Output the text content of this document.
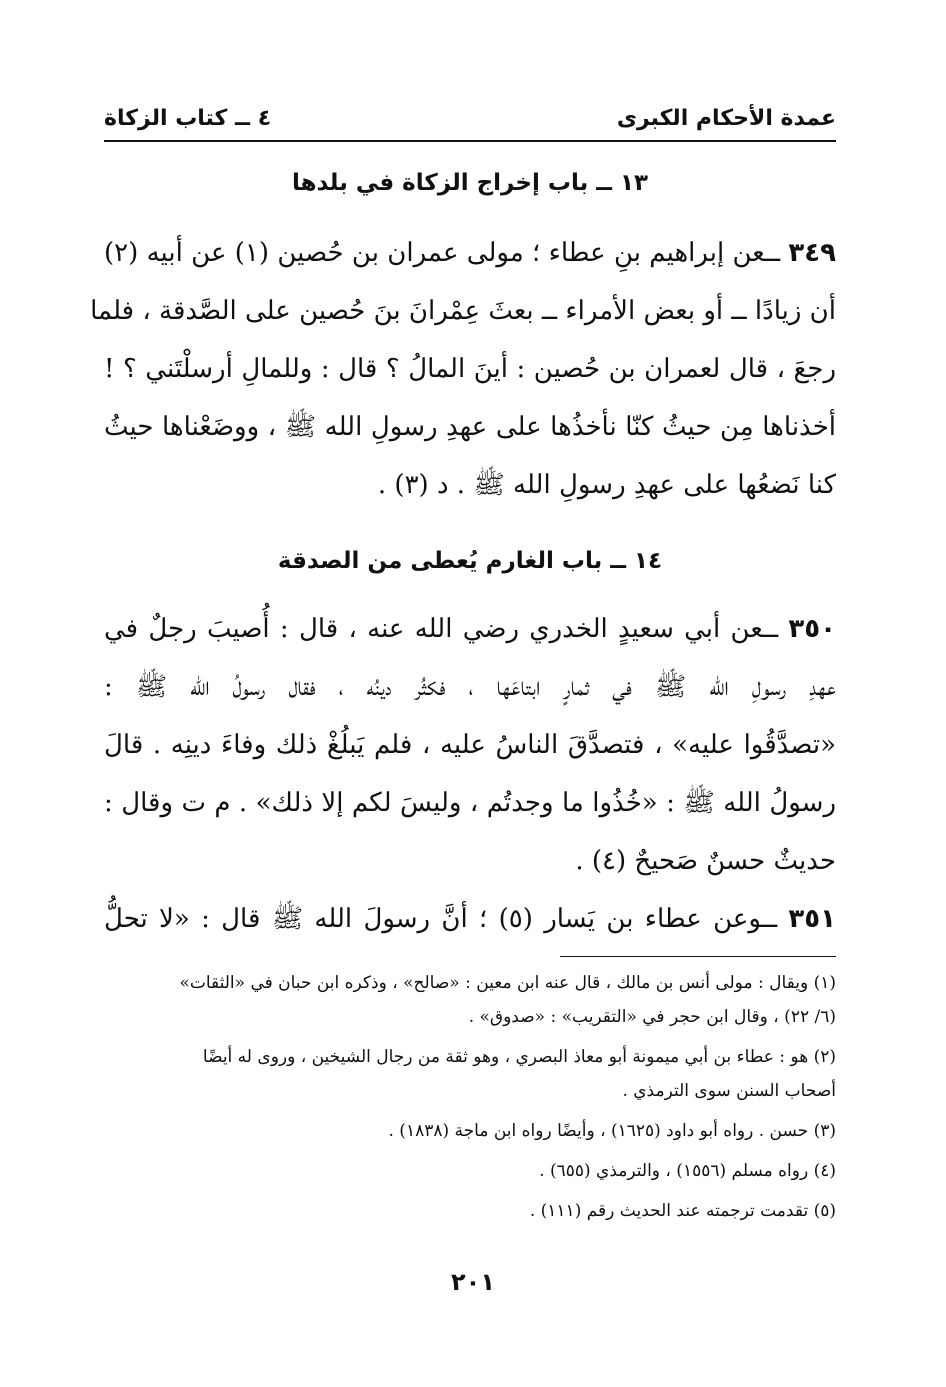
عمدة الأحكام الكبرى
٤ ــ كتاب الزكاة
١٣ ــ باب إخراج الزكاة في بلدها
٣٤٩ ــعن إبراهيم بنِ عطاء ؛ مولى عمران بن حُصين (١) عن أبيه (٢)
أن زيادًا ــ أو بعض الأمراء ــ بعثَ عِمْرانَ بنَ حُصين على الصَّدقة ، فلما
رجعَ ، قال لعمران بن حُصين : أينَ المالُ ؟ قال : وللمالِ أرسلْتَني ؟ !
أخذناها مِن حيثُ كنّا نأخذُها على عهدِ رسولِ الله ﷺ ، ووضَعْناها حيثُ
كنا نَضعُها على عهدِ رسولِ الله ﷺ . د (٣) .
١٤ ــ باب الغارم يُعطى من الصدقة
٣٥٠ ــعن أبي سعيدٍ الخدري رضي الله عنه ، قال : أُصيبَ رجلٌ في
عهدِ رسولِ الله ﷺ في ثمارٍ ابتاعَها ، فكثُر دينُه ، فقال رسولُ الله ﷺ :
«تصدَّقُوا عليه» ، فتصدَّقَ الناسُ عليه ، فلم يَبلُغْ ذلك وفاءَ دينِه . قالَ
رسولُ الله ﷺ : «خُذُوا ما وجدتُم ، وليسَ لكم إلا ذلك» . م ت وقال :
حديثٌ حسنٌ صَحيحٌ (٤) .
٣٥١ ــوعن عطاء بن يَسار (٥) ؛ أنَّ رسولَ الله ﷺ قال : «لا تحلُّ
(١) ويقال : مولى أنس بن مالك ، قال عنه ابن معين : «صالح» ، وذكره ابن حبان في «الثقات»
(٦/ ٢٢) ، وقال ابن حجر في «التقريب» : «صدوق» .
(٢) هو : عطاء بن أبي ميمونة أبو معاذ البصري ، وهو ثقة من رجال الشيخين ، وروى له أيضًا
أصحاب السنن سوى الترمذي .
(٣) حسن . رواه أبو داود (١٦٢٥) ، وأيضًا رواه ابن ماجة (١٨٣٨) .
(٤) رواه مسلم (١٥٥٦) ، والترمذي (٦٥٥) .
(٥) تقدمت ترجمته عند الحديث رقم (١١١) .
٢٠١
